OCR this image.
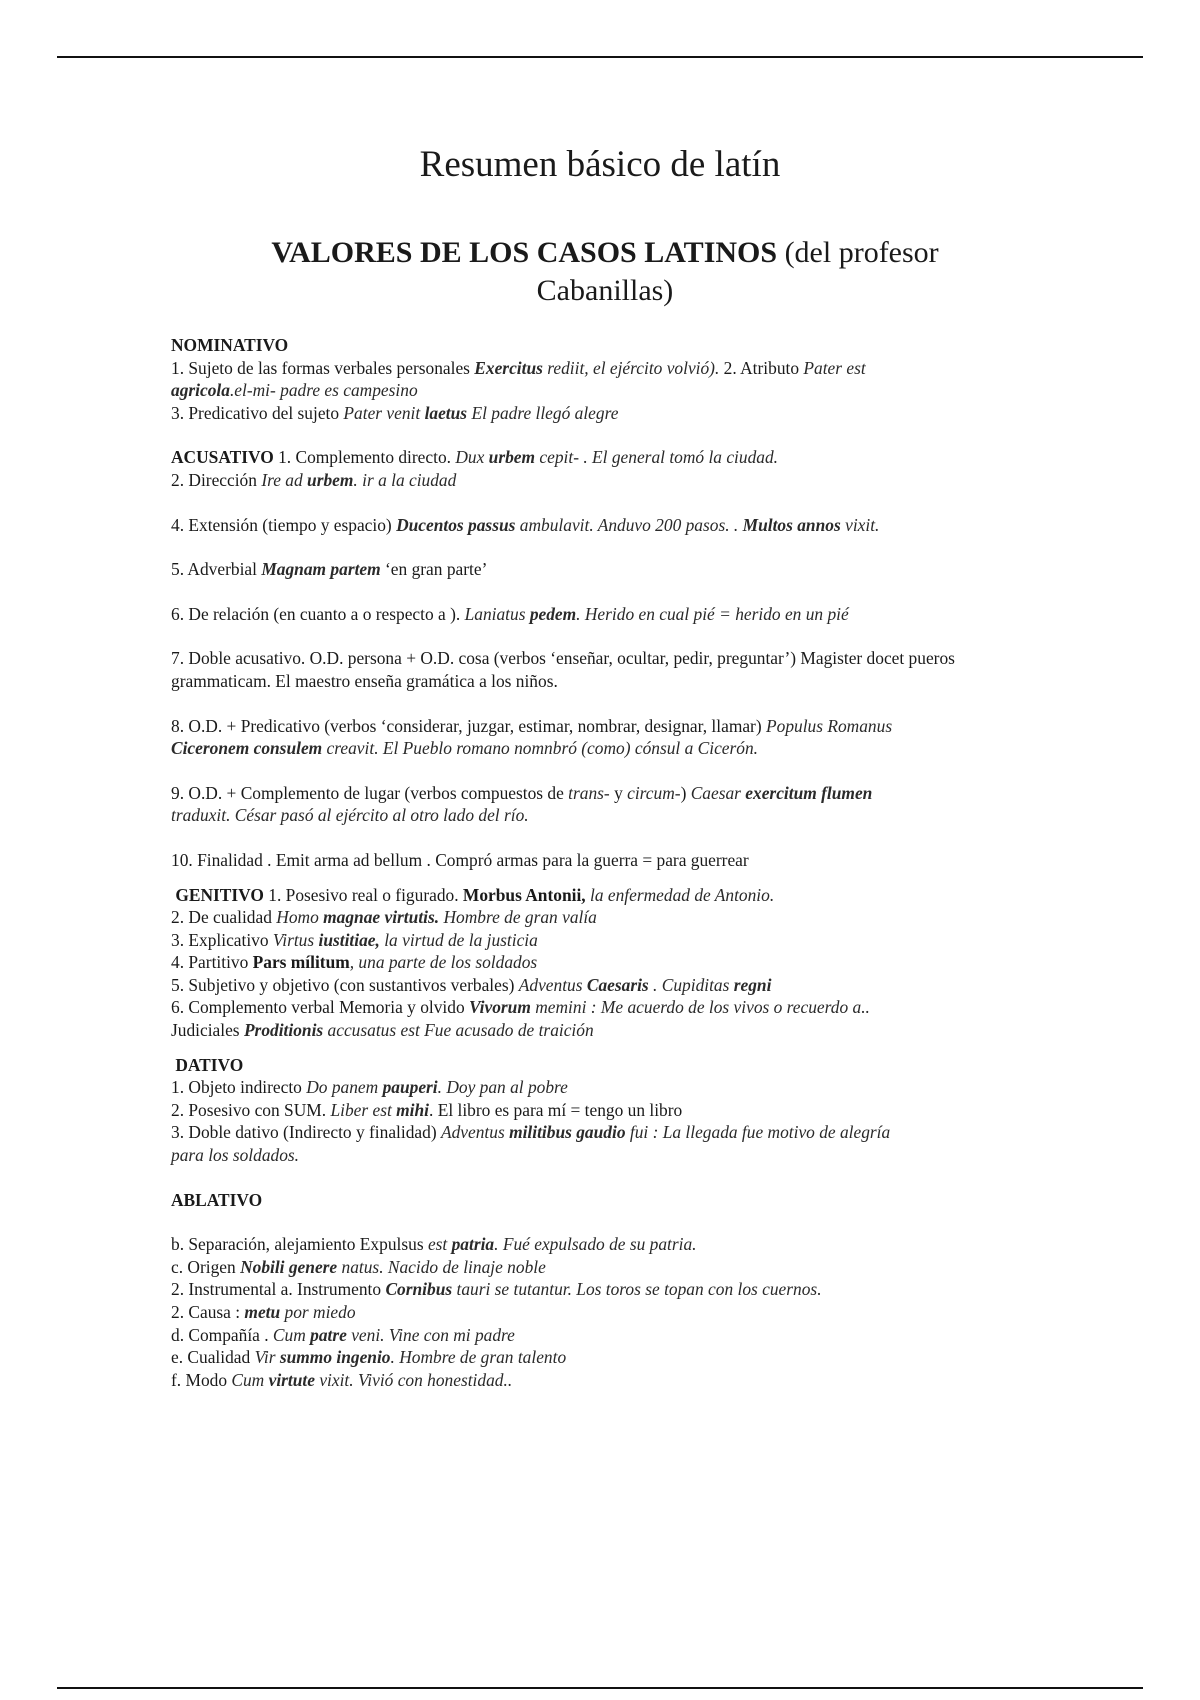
Resumen básico de latín

VALORES DE LOS CASOS LATINOS (del profesor Cabanillas)

NOMINATIVO
1. Sujeto de las formas verbales personales Exercitus rediit, el ejército volvió). 2. Atributo Pater est
agricola.el-mi- padre es campesino
3. Predicativo del sujeto Pater venit laetus El padre llegó alegre
ACUSATIVO 1. Complemento directo. Dux urbem cepit- . El general tomó la ciudad.
2. Dirección Ire ad urbem. ir a la ciudad
4. Extensión (tiempo y espacio) Ducentos passus ambulavit. Anduvo 200 pasos. . Multos annos vixit.
5. Adverbial Magnam partem ‘en gran parte’
6. De relación (en cuanto a o respecto a ). Laniatus pedem. Herido en cual pié = herido en un pié
7. Doble acusativo. O.D. persona + O.D. cosa (verbos ‘enseñar, ocultar, pedir, preguntar’) Magister docet pueros grammaticam. El maestro enseña gramática a los niños.
8. O.D. + Predicativo (verbos ‘considerar, juzgar, estimar, nombrar, designar, llamar) Populus Romanus
Ciceronem consulem creavit. El Pueblo romano nomnbró (como) cónsul a Cicerón.
9. O.D. + Complemento de lugar (verbos compuestos de trans- y circum-) Caesar exercitum flumen
traduxit. César pasó al ejército al otro lado del río.
10. Finalidad . Emit arma ad bellum . Compró armas para la guerra = para guerrear
GENITIVO 1. Posesivo real o figurado. Morbus Antonii, la enfermedad de Antonio.
2. De cualidad Homo magnae virtutis. Hombre de gran valía
3. Explicativo Virtus iustitiae, la virtud de la justicia
4. Partitivo Pars mílitum, una parte de los soldados
5. Subjetivo y objetivo (con sustantivos verbales) Adventus Caesaris . Cupiditas regni
6. Complemento verbal Memoria y olvido Vivorum memini : Me acuerdo de los vivos o recuerdo a..
Judiciales Proditionis accusatus est Fue acusado de traición
DATIVO
1. Objeto indirecto Do panem pauperi. Doy pan al pobre
2. Posesivo con SUM. Liber est mihi. El libro es para mí = tengo un libro
3. Doble dativo (Indirecto y finalidad) Adventus militibus gaudio fui : La llegada fue motivo de alegría
para los soldados.
ABLATIVO
b. Separación, alejamiento Expulsus est patria. Fué expulsado de su patria.
c. Origen Nobili genere natus. Nacido de linaje noble
2. Instrumental a. Instrumento Cornibus tauri se tutantur. Los toros se topan con los cuernos.
2. Causa : metu por miedo
d. Compañía . Cum patre veni. Vine con mi padre
e. Cualidad Vir summo ingenio. Hombre de gran talento
f. Modo Cum virtute vixit. Vivió con honestidad..
